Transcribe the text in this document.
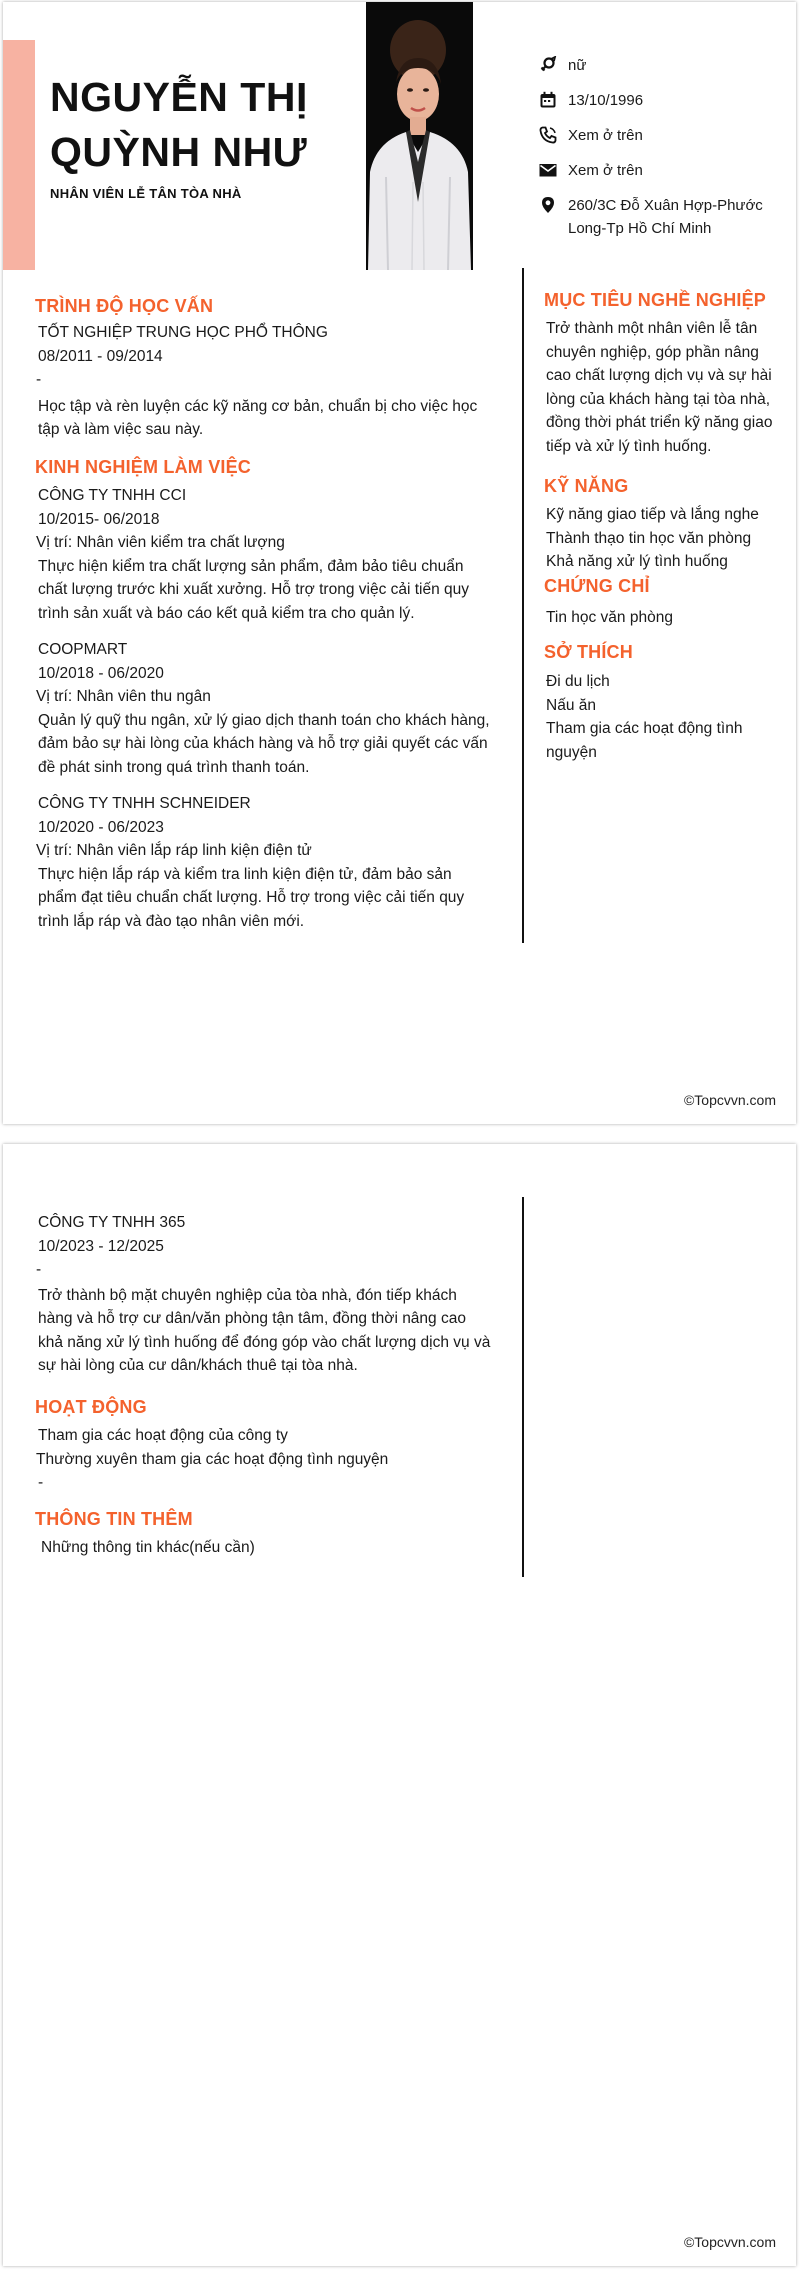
NGUYỄN THỊ
QUỲNH NHƯ
NHÂN VIÊN LỄ TÂN TÒA NHÀ
nữ
13/10/1996
Xem ở trên
Xem ở trên
260/3C Đỗ Xuân Hợp-Phước
Long-Tp Hồ Chí Minh
TRÌNH ĐỘ HỌC VẤN
TỐT NGHIỆP TRUNG HỌC PHỔ THÔNG
08/2011 - 09/2014
-
Học tập và rèn luyện các kỹ năng cơ bản, chuẩn bị cho việc học
tập và làm việc sau này.
KINH NGHIỆM LÀM VIỆC
CÔNG TY TNHH CCI
10/2015- 06/2018
Vị trí: Nhân viên kiểm tra chất lượng
Thực hiện kiểm tra chất lượng sản phẩm, đảm bảo tiêu chuẩn
chất lượng trước khi xuất xưởng. Hỗ trợ trong việc cải tiến quy
trình sản xuất và báo cáo kết quả kiểm tra cho quản lý.
COOPMART
10/2018 - 06/2020
Vị trí: Nhân viên thu ngân
Quản lý quỹ thu ngân, xử lý giao dịch thanh toán cho khách hàng,
đảm bảo sự hài lòng của khách hàng và hỗ trợ giải quyết các vấn
đề phát sinh trong quá trình thanh toán.
CÔNG TY TNHH SCHNEIDER
10/2020 - 06/2023
Vị trí: Nhân viên lắp ráp linh kiện điện tử
Thực hiện lắp ráp và kiểm tra linh kiện điện tử, đảm bảo sản
phẩm đạt tiêu chuẩn chất lượng. Hỗ trợ trong việc cải tiến quy
trình lắp ráp và đào tạo nhân viên mới.
MỤC TIÊU NGHỀ NGHIỆP
Trở thành một nhân viên lễ tân
chuyên nghiệp, góp phần nâng
cao chất lượng dịch vụ và sự hài
lòng của khách hàng tại tòa nhà,
đồng thời phát triển kỹ năng giao
tiếp và xử lý tình huống.
KỸ NĂNG
Kỹ năng giao tiếp và lắng nghe
Thành thạo tin học văn phòng
Khả năng xử lý tình huống
CHỨNG CHỈ
Tin học văn phòng
SỞ THÍCH
Đi du lịch
Nấu ăn
Tham gia các hoạt động tình
nguyện
©Topcvvn.com
CÔNG TY TNHH 365
10/2023 - 12/2025
-
Trở thành bộ mặt chuyên nghiệp của tòa nhà, đón tiếp khách
hàng và hỗ trợ cư dân/văn phòng tận tâm, đồng thời nâng cao
khả năng xử lý tình huống để đóng góp vào chất lượng dịch vụ và
sự hài lòng của cư dân/khách thuê tại tòa nhà.
HOẠT ĐỘNG
Tham gia các hoạt động của công ty
Thường xuyên tham gia các hoạt động tình nguyện
-
THÔNG TIN THÊM
Những thông tin khác(nếu cần)
©Topcvvn.com
